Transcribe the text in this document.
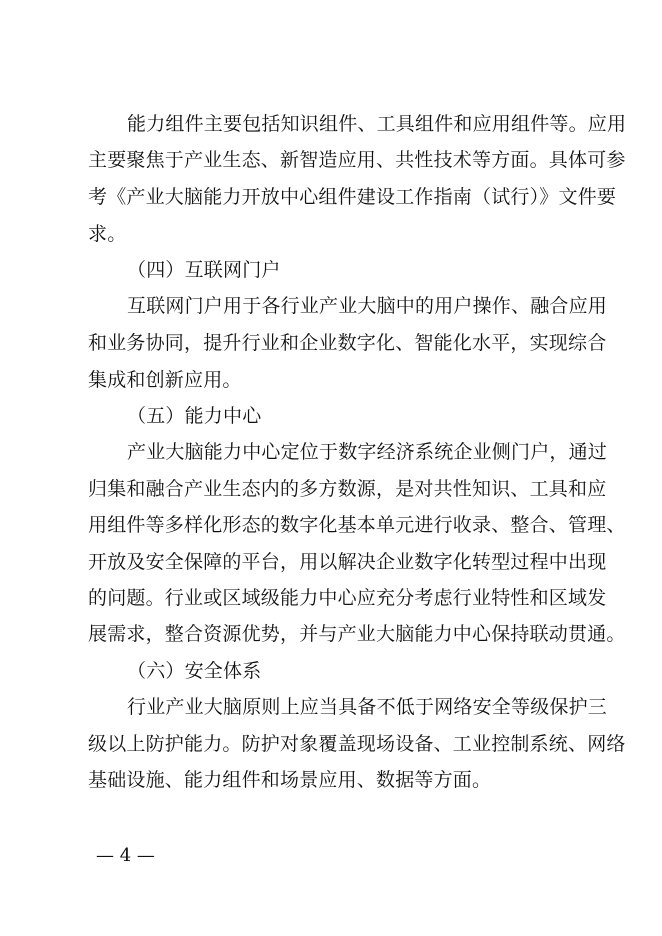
能力组件主要包括知识组件、工具组件和应用组件等。应用
主要聚焦于产业生态、新智造应用、共性技术等方面。具体可参
考《产业大脑能力开放中心组件建设工作指南（试行）》文件要
求。
（四）互联网门户
互联网门户用于各行业产业大脑中的用户操作、融合应用
和业务协同，提升行业和企业数字化、智能化水平，实现综合
集成和创新应用。
（五）能力中心
产业大脑能力中心定位于数字经济系统企业侧门户，通过
归集和融合产业生态内的多方数源，是对共性知识、工具和应
用组件等多样化形态的数字化基本单元进行收录、整合、管理、
开放及安全保障的平台，用以解决企业数字化转型过程中出现
的问题。行业或区域级能力中心应充分考虑行业特性和区域发
展需求，整合资源优势，并与产业大脑能力中心保持联动贯通。
（六）安全体系
行业产业大脑原则上应当具备不低于网络安全等级保护三
级以上防护能力。防护对象覆盖现场设备、工业控制系统、网络
基础设施、能力组件和场景应用、数据等方面。
— 4 —
